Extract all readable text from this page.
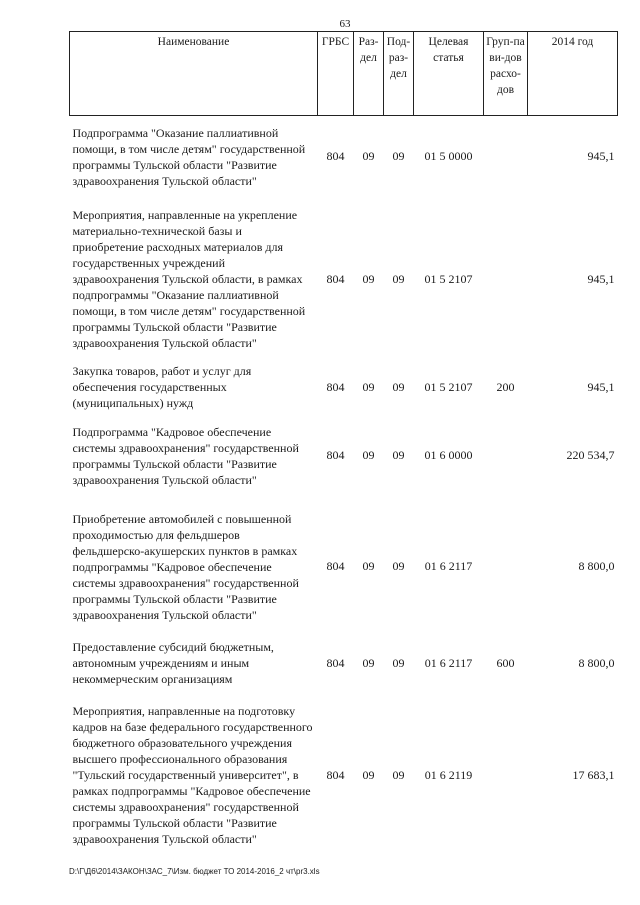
63
Наименование	ГРБС	Раз-дел	Под-раз-дел	Целевая статья	Груп-па ви-дов расхо-дов	2014 год
Подпрограмма "Оказание паллиативной помощи, в том числе детям" государственной программы Тульской области "Развитие здравоохранения Тульской области"	804	09	09	01 5 0000		945,1
Мероприятия, направленные на укрепление материально-технической базы и приобретение расходных материалов для государственных учреждений здравоохранения Тульской области, в рамках подпрограммы "Оказание паллиативной помощи, в том числе детям" государственной программы Тульской области "Развитие здравоохранения Тульской области"	804	09	09	01 5 2107		945,1
Закупка товаров, работ и услуг для обеспечения государственных (муниципальных) нужд	804	09	09	01 5 2107	200	945,1
Подпрограмма "Кадровое обеспечение системы здравоохранения" государственной программы Тульской области "Развитие здравоохранения Тульской области"	804	09	09	01 6 0000		220 534,7
Приобретение автомобилей с повышенной проходимостью для фельдшеров фельдшерско-акушерских пунктов в рамках подпрограммы "Кадровое обеспечение системы здравоохранения" государственной программы Тульской области "Развитие здравоохранения Тульской области"	804	09	09	01 6 2117		8 800,0
Предоставление субсидий бюджетным, автономным учреждениям и иным некоммерческим организациям	804	09	09	01 6 2117	600	8 800,0
Мероприятия, направленные на подготовку кадров на базе федерального государственного бюджетного образовательного учреждения высшего профессионального образования "Тульский государственный университет", в рамках подпрограммы "Кадровое обеспечение системы здравоохранения" государственной программы Тульской области "Развитие здравоохранения Тульской области"	804	09	09	01 6 2119		17 683,1
D:\Г\Д6\2014\ЗАКОН\ЗАС_7\Изм. бюджет ТО 2014-2016_2 чт\pr3.xls
